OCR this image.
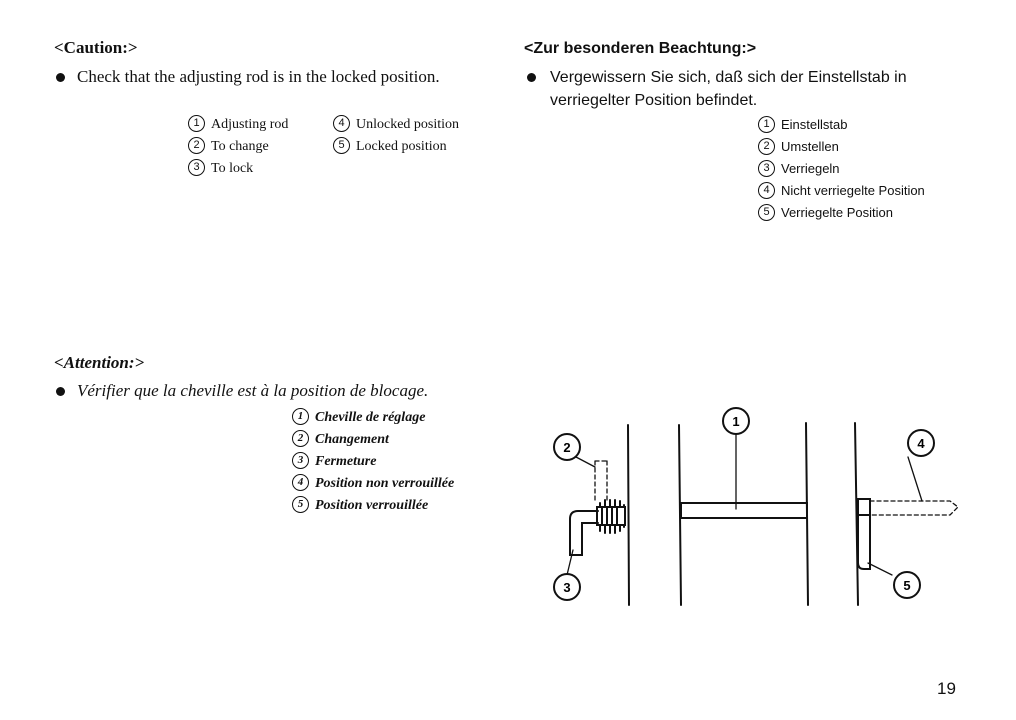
<Caution:>
Check that the adjusting rod is in the locked position.
1 Adjusting rod
2 To change
3 To lock
4 Unlocked position
5 Locked position
<Zur besonderen Beachtung:>
Vergewissern Sie sich, daß sich der Einstellstab in
verriegelter Position befindet.
1 Einstellstab
2 Umstellen
3 Verriegeln
4 Nicht verriegelte Position
5 Verriegelte Position
<Attention:>
Vérifier que la cheville est à la position de blocage.
1 Cheville de réglage
2 Changement
3 Fermeture
4 Position non verrouillée
5 Position verrouillée
1
2
3
4
5
19
